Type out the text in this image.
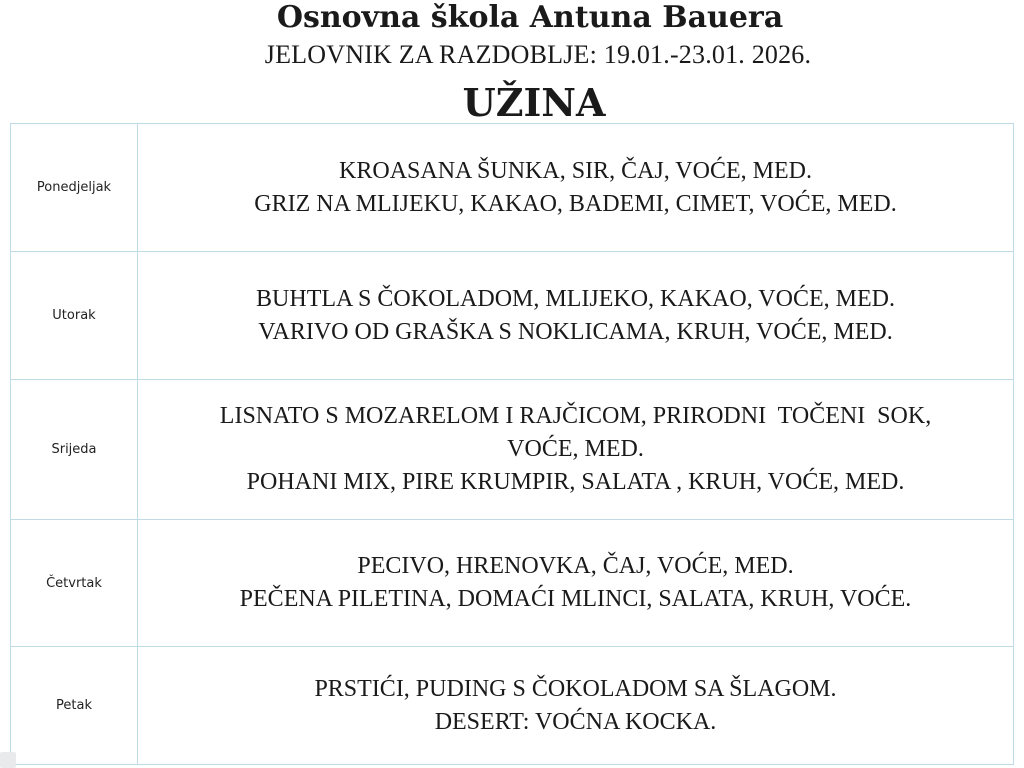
Osnovna škola Antuna Bauera
JELOVNIK ZA RAZDOBLJE: 19.01.-23.01. 2026.
UŽINA
Ponedjeljak	KROASANA ŠUNKA, SIR, ČAJ, VOĆE, MED.
GRIZ NA MLIJEKU, KAKAO, BADEMI, CIMET, VOĆE, MED.

Utorak	BUHTLA S ČOKOLADOM, MLIJEKO, KAKAO, VOĆE, MED.
VARIVO OD GRAŠKA S NOKLICAMA, KRUH, VOĆE, MED.

Srijeda	LISNATO S MOZARELOM I RAJČICOM, PRIRODNI  TOČENI  SOK,
VOĆE, MED.
POHANI MIX, PIRE KRUMPIR, SALATA , KRUH, VOĆE, MED.

Četvrtak	PECIVO, HRENOVKA, ČAJ, VOĆE, MED.
PEČENA PILETINA, DOMAĆI MLINCI, SALATA, KRUH, VOĆE.

Petak	PRSTIĆI, PUDING S ČOKOLADOM SA ŠLAGOM.
DESERT: VOĆNA KOCKA.
